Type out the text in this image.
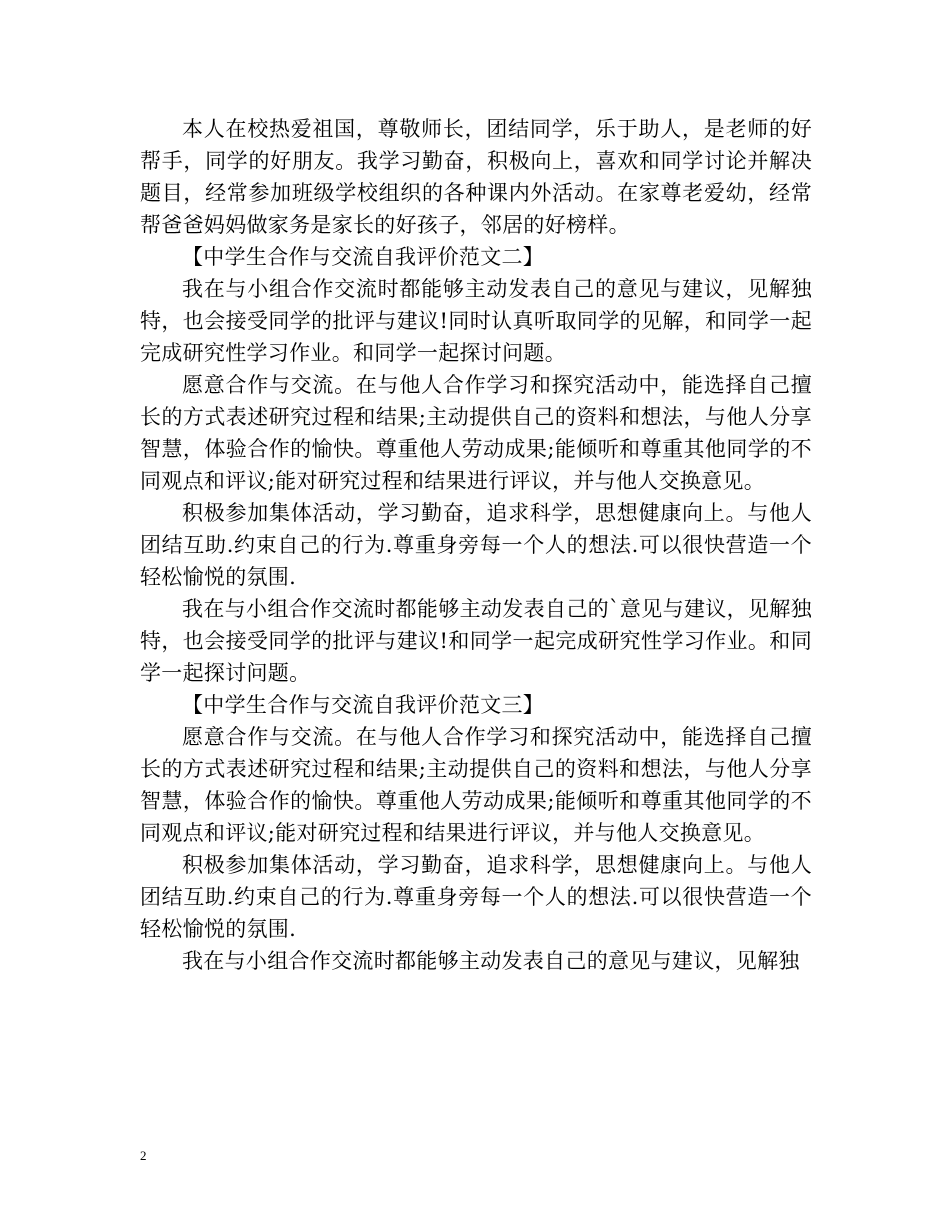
本人在校热爱祖国，尊敬师长，团结同学，乐于助人，是老师的好帮手，同学的好朋友。我学习勤奋，积极向上，喜欢和同学讨论并解决题目，经常参加班级学校组织的各种课内外活动。在家尊老爱幼，经常帮爸爸妈妈做家务是家长的好孩子，邻居的好榜样。

【中学生合作与交流自我评价范文二】

我在与小组合作交流时都能够主动发表自己的意见与建议，见解独特，也会接受同学的批评与建议!同时认真听取同学的见解，和同学一起完成研究性学习作业。和同学一起探讨问题。

愿意合作与交流。在与他人合作学习和探究活动中，能选择自己擅长的方式表述研究过程和结果;主动提供自己的资料和想法，与他人分享智慧，体验合作的愉快。尊重他人劳动成果;能倾听和尊重其他同学的不同观点和评议;能对研究过程和结果进行评议，并与他人交换意见。

积极参加集体活动，学习勤奋，追求科学，思想健康向上。与他人团结互助.约束自己的行为.尊重身旁每一个人的想法.可以很快营造一个轻松愉悦的氛围.

我在与小组合作交流时都能够主动发表自己的`意见与建议，见解独特，也会接受同学的批评与建议!和同学一起完成研究性学习作业。和同学一起探讨问题。

【中学生合作与交流自我评价范文三】

愿意合作与交流。在与他人合作学习和探究活动中，能选择自己擅长的方式表述研究过程和结果;主动提供自己的资料和想法，与他人分享智慧，体验合作的愉快。尊重他人劳动成果;能倾听和尊重其他同学的不同观点和评议;能对研究过程和结果进行评议，并与他人交换意见。

积极参加集体活动，学习勤奋，追求科学，思想健康向上。与他人团结互助.约束自己的行为.尊重身旁每一个人的想法.可以很快营造一个轻松愉悦的氛围.

我在与小组合作交流时都能够主动发表自己的意见与建议，见解独

2
